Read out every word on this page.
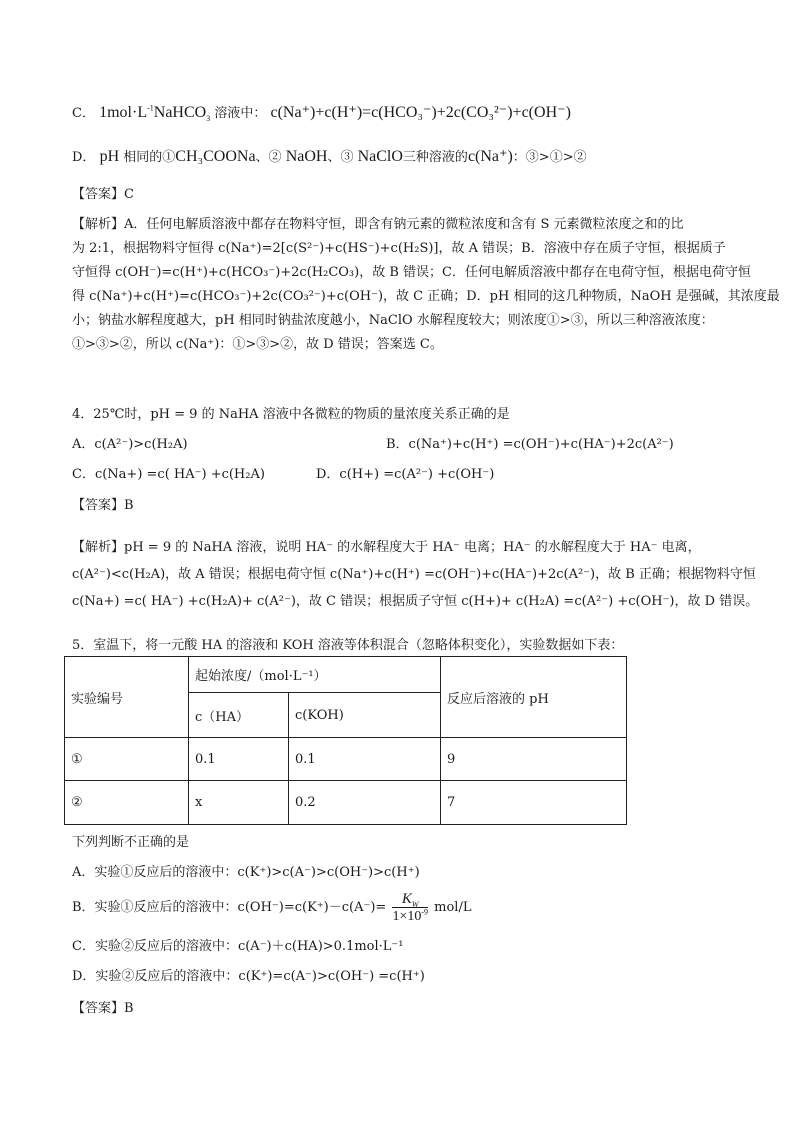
C． $1mol\cdot L^{-1}NaHCO_3$ 溶液中： c(Na⁺)+c(H⁺)=c(HCO₃⁻)+2c(CO₃²⁻)+c(OH⁻)
D． pH 相同的①CH₃COONa、② NaOH、③ NaClO三种溶液的c(Na⁺)：③>①>②
【答案】C
【解析】A．任何电解质溶液中都存在物料守恒，即含有钠元素的微粒浓度和含有 S 元素微粒浓度之和的比
为 2:1，根据物料守恒得 c(Na⁺)=2[c(S²⁻)+c(HS⁻)+c(H₂S)]，故 A 错误；B．溶液中存在质子守恒，根据质子
守恒得 c(OH⁻)=c(H⁺)+c(HCO₃⁻)+2c(H₂CO₃)，故 B 错误；C．任何电解质溶液中都存在电荷守恒，根据电荷守恒
得 c(Na⁺)+c(H⁺)=c(HCO₃⁻)+2c(CO₃²⁻)+c(OH⁻)，故 C 正确；D．pH 相同的这几种物质，NaOH 是强碱，其浓度最
小；钠盐水解程度越大，pH 相同时钠盐浓度越小，NaClO 水解程度较大；则浓度①>③，所以三种溶液浓度：
①>③>②，所以 c(Na⁺)：①>③>②，故 D 错误；答案选 C。
4．25℃时，pH = 9 的 NaHA 溶液中各微粒的物质的量浓度关系正确的是
A．c(A²⁻)>c(H₂A)	B．c(Na⁺)+c(H⁺) =c(OH⁻)+c(HA⁻)+2c(A²⁻)
C．c(Na+) =c( HA⁻) +c(H₂A)	D．c(H+) =c(A²⁻) +c(OH⁻)
【答案】B
【解析】pH = 9 的 NaHA 溶液，说明 HA⁻ 的水解程度大于 HA⁻ 电离；HA⁻ 的水解程度大于 HA⁻ 电离，
c(A²⁻)<c(H₂A)，故 A 错误；根据电荷守恒 c(Na⁺)+c(H⁺) =c(OH⁻)+c(HA⁻)+2c(A²⁻)，故 B 正确；根据物料守恒
c(Na+) =c( HA⁻) +c(H₂A)+ c(A²⁻)，故 C 错误；根据质子守恒 c(H+)+ c(H₂A) =c(A²⁻) +c(OH⁻)，故 D 错误。
5．室温下，将一元酸 HA 的溶液和 KOH 溶液等体积混合（忽略体积变化），实验数据如下表：
实验编号	起始浓度/（mol·L⁻¹）		反应后溶液的 pH
	c（HA）	c(KOH)	
①	0.1	0.1	9
②	x	0.2	7
下列判断不正确的是
A．实验①反应后的溶液中：c(K⁺)>c(A⁻)>c(OH⁻)>c(H⁺)
B．实验①反应后的溶液中：$c(OH^-)=c(K^+)-c(A^-)= \frac{K_W}{1\times 10^{-9}} mol/L$
C．实验②反应后的溶液中：c(A⁻)＋c(HA)>0.1mol·L⁻¹
D．实验②反应后的溶液中：c(K⁺)=c(A⁻)>c(OH⁻) =c(H⁺)
【答案】B
